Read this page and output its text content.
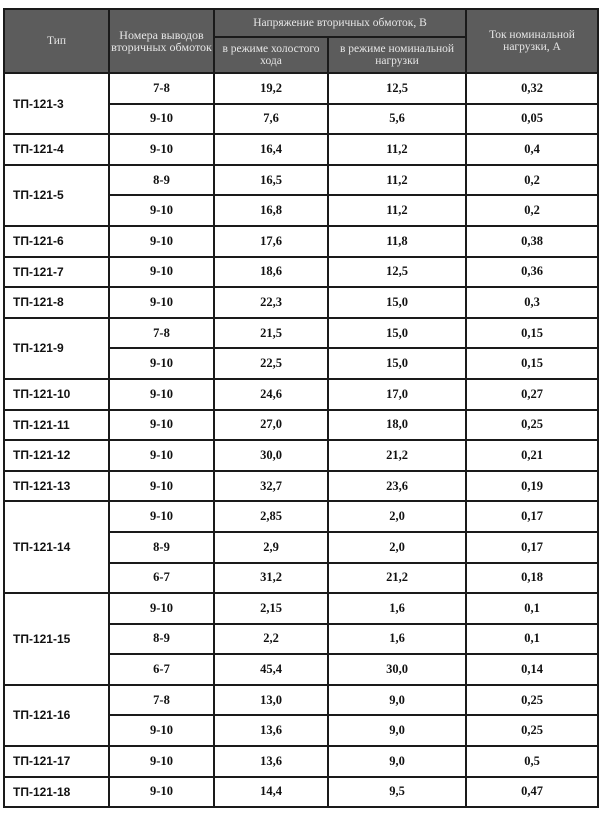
Тип	Номера выводов вторичных обмоток	Напряжение вторичных обмоток, В		Ток номинальной нагрузки, А
		в режиме холостого хода	в режиме номинальной нагрузки	
ТП-121-3	7-8	19,2	12,5	0,32
	9-10	7,6	5,6	0,05
ТП-121-4	9-10	16,4	11,2	0,4
ТП-121-5	8-9	16,5	11,2	0,2
	9-10	16,8	11,2	0,2
ТП-121-6	9-10	17,6	11,8	0,38
ТП-121-7	9-10	18,6	12,5	0,36
ТП-121-8	9-10	22,3	15,0	0,3
ТП-121-9	7-8	21,5	15,0	0,15
	9-10	22,5	15,0	0,15
ТП-121-10	9-10	24,6	17,0	0,27
ТП-121-11	9-10	27,0	18,0	0,25
ТП-121-12	9-10	30,0	21,2	0,21
ТП-121-13	9-10	32,7	23,6	0,19
ТП-121-14	9-10	2,85	2,0	0,17
	8-9	2,9	2,0	0,17
	6-7	31,2	21,2	0,18
ТП-121-15	9-10	2,15	1,6	0,1
	8-9	2,2	1,6	0,1
	6-7	45,4	30,0	0,14
ТП-121-16	7-8	13,0	9,0	0,25
	9-10	13,6	9,0	0,25
ТП-121-17	9-10	13,6	9,0	0,5
ТП-121-18	9-10	14,4	9,5	0,47
